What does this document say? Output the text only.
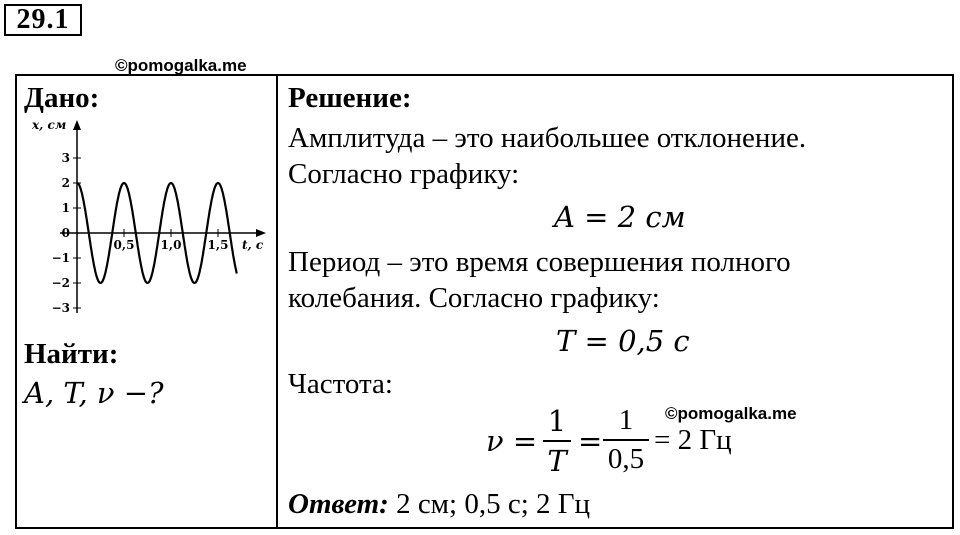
29.1
©pomogalka.me
Дано:
x, см
3
2
1
0
−1
−2
−3
0,5 1,0 1,5 t, с
Найти:
A, T, ν −?
Решение:
Амплитуда – это наибольшее отклонение.
Согласно графику:
A = 2 см
Период – это время совершения полного
колебания. Согласно графику:
T = 0,5 с
Частота:
ν =
1
T
=
1
0,5
= 2 Гц
©pomogalka.me
Ответ: 2 см; 0,5 с; 2 Гц
